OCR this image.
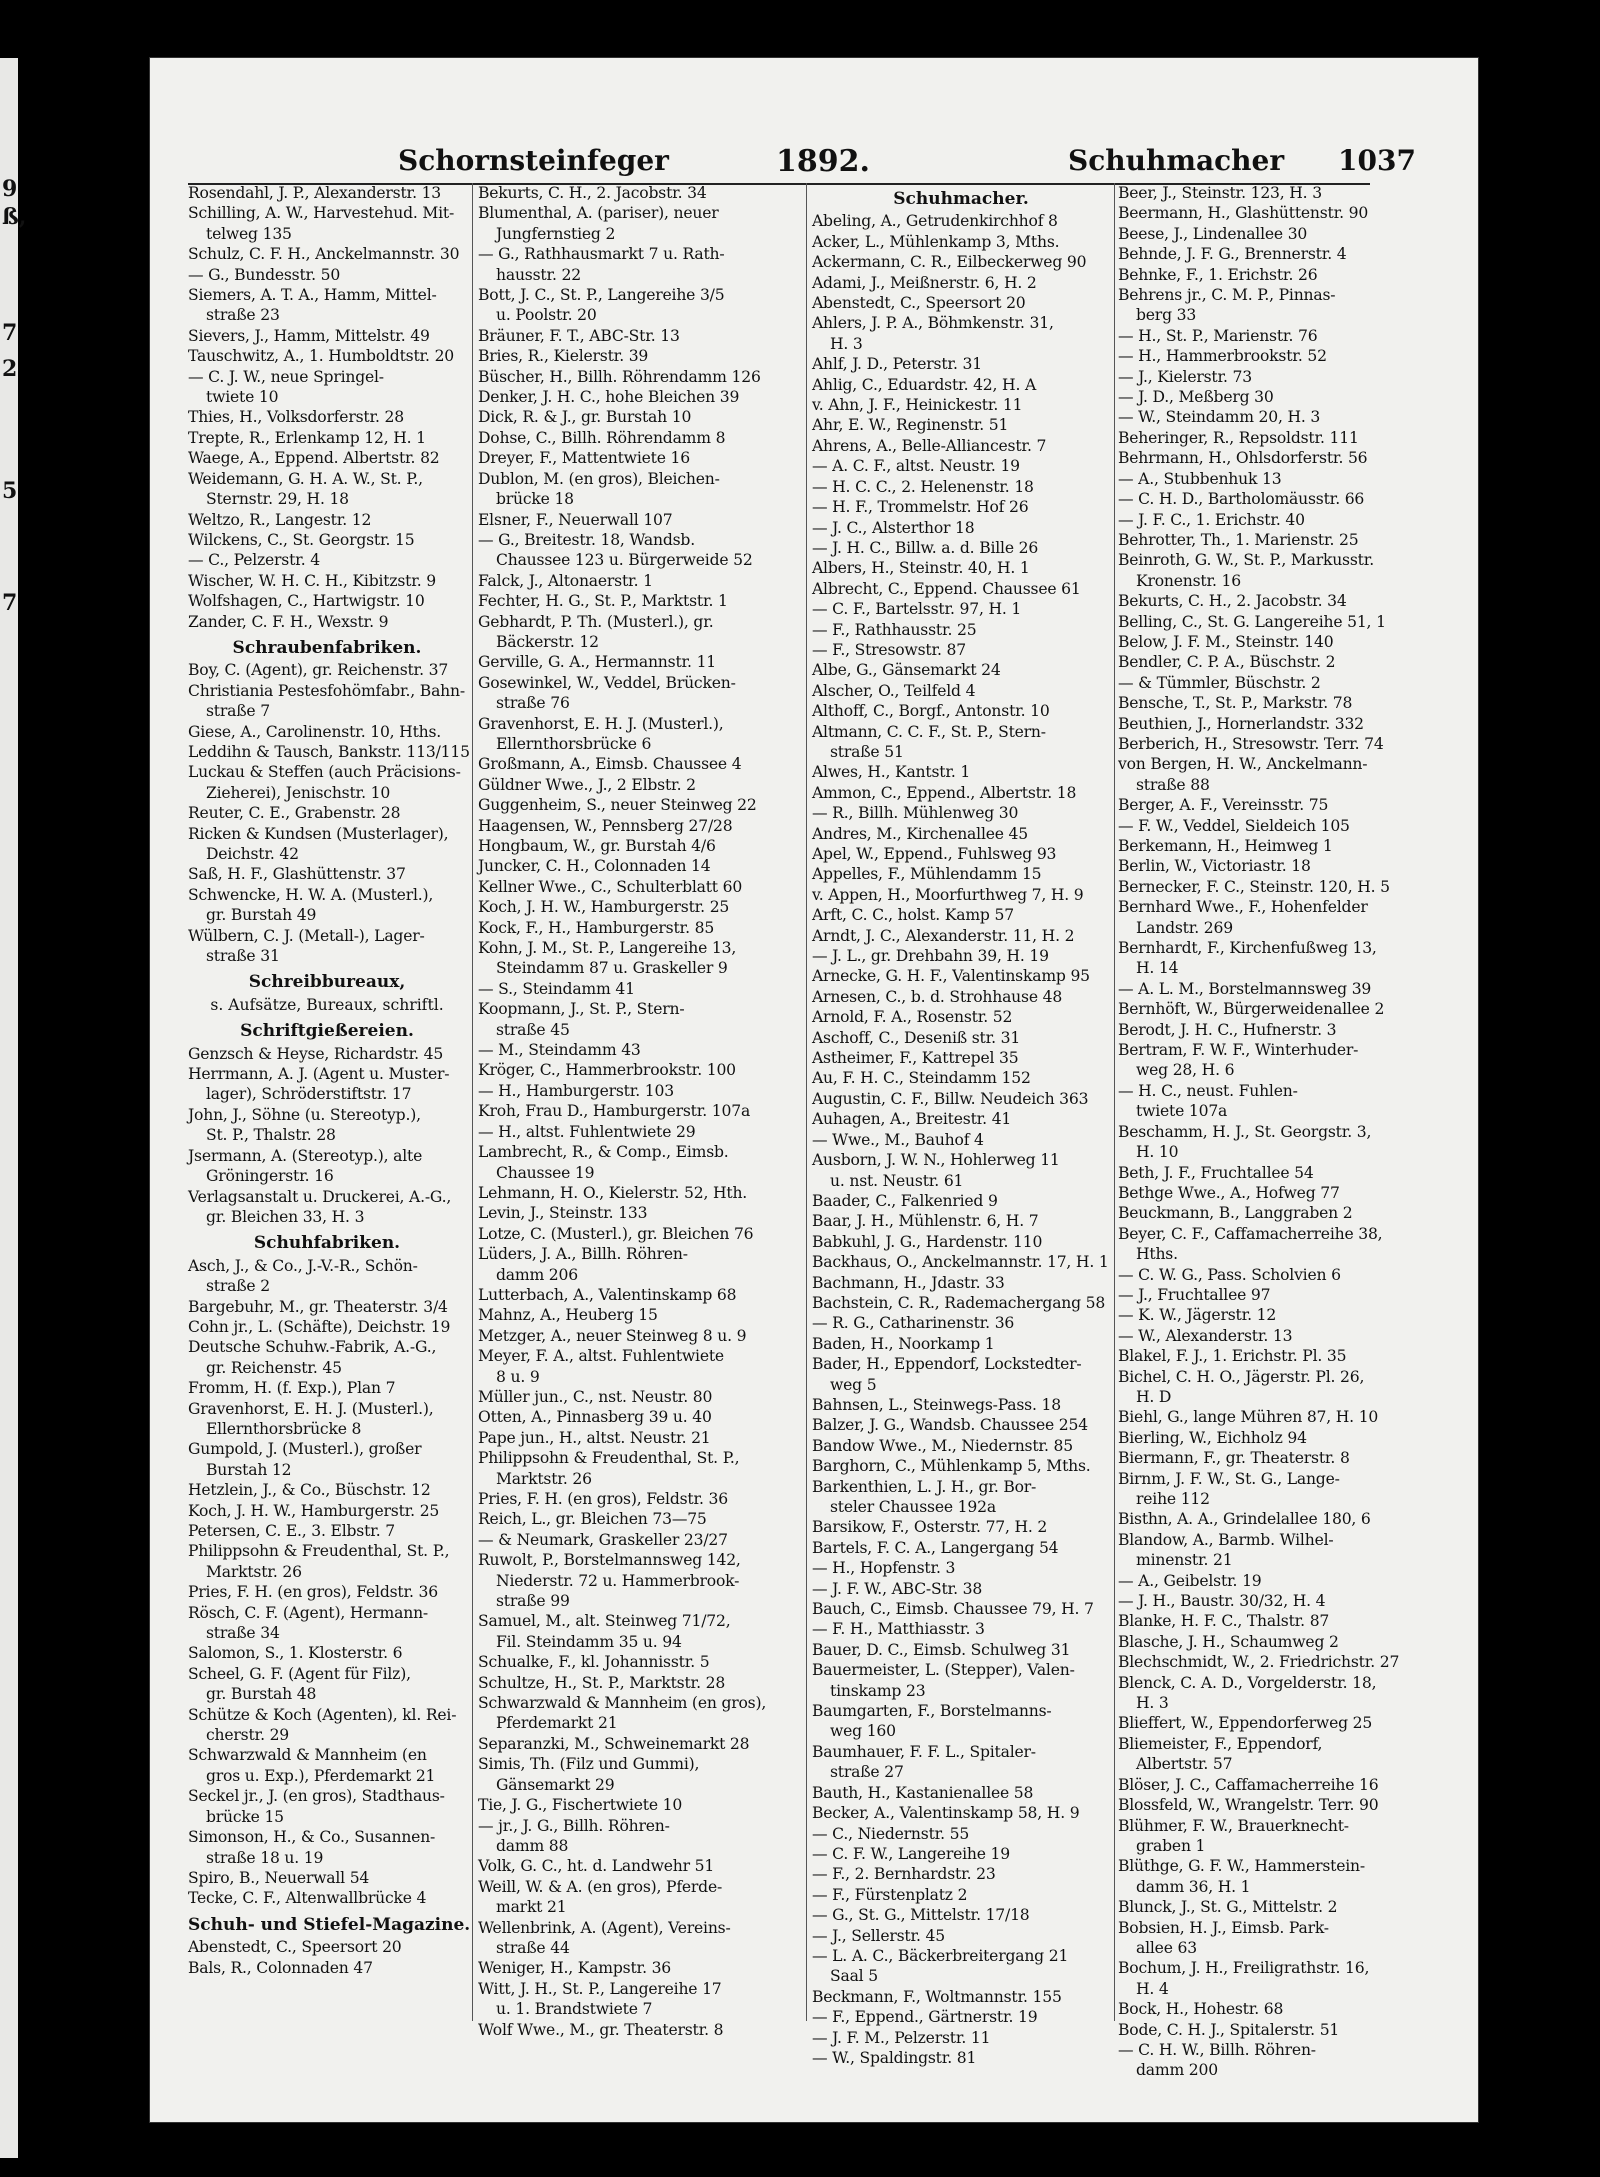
9
ß,
7
2
5
7
Schornsteinfeger	1892.	Schuhmacher 1037
Rosendahl, J. P., Alexanderstr. 13
Schilling, A. W., Harvestehud. Mit-
telweg 135
Schulz, C. F. H., Anckelmannstr. 30
— G., Bundesstr. 50
Siemers, A. T. A., Hamm, Mittel-
straße 23
Sievers, J., Hamm, Mittelstr. 49
Tauschwitz, A., 1. Humboldtstr. 20
— C. J. W., neue Springel-
twiete 10
Thies, H., Volksdorferstr. 28
Trepte, R., Erlenkamp 12, H. 1
Waege, A., Eppend. Albertstr. 82
Weidemann, G. H. A. W., St. P.,
Sternstr. 29, H. 18
Weltzo, R., Langestr. 12
Wilckens, C., St. Georgstr. 15
— C., Pelzerstr. 4
Wischer, W. H. C. H., Kibitzstr. 9
Wolfshagen, C., Hartwigstr. 10
Zander, C. F. H., Wexstr. 9
Schraubenfabriken.
Boy, C. (Agent), gr. Reichenstr. 37
Christiania Pestesfohömfabr., Bahn-
straße 7
Giese, A., Carolinenstr. 10, Hths.
Leddihn & Tausch, Bankstr. 113/115
Luckau & Steffen (auch Präcisions-
Zieherei), Jenischstr. 10
Reuter, C. E., Grabenstr. 28
Ricken & Kundsen (Musterlager),
Deichstr. 42
Saß, H. F., Glashüttenstr. 37
Schwencke, H. W. A. (Musterl.),
gr. Burstah 49
Wülbern, C. J. (Metall-), Lager-
straße 31
Schreibbureaux,
s. Aufsätze, Bureaux, schriftl.
Schriftgießereien.
Genzsch & Heyse, Richardstr. 45
Herrmann, A. J. (Agent u. Muster-
lager), Schröderstiftstr. 17
John, J., Söhne (u. Stereotyp.),
St. P., Thalstr. 28
Jsermann, A. (Stereotyp.), alte
Gröningerstr. 16
Verlagsanstalt u. Druckerei, A.-G.,
gr. Bleichen 33, H. 3
Schuhfabriken.
Asch, J., & Co., J.-V.-R., Schön-
straße 2
Bargebuhr, M., gr. Theaterstr. 3/4
Cohn jr., L. (Schäfte), Deichstr. 19
Deutsche Schuhw.-Fabrik, A.-G.,
gr. Reichenstr. 45
Fromm, H. (f. Exp.), Plan 7
Gravenhorst, E. H. J. (Musterl.),
Ellernthorsbrücke 8
Gumpold, J. (Musterl.), großer
Burstah 12
Hetzlein, J., & Co., Büschstr. 12
Koch, J. H. W., Hamburgerstr. 25
Petersen, C. E., 3. Elbstr. 7
Philippsohn & Freudenthal, St. P.,
Marktstr. 26
Pries, F. H. (en gros), Feldstr. 36
Rösch, C. F. (Agent), Hermann-
straße 34
Salomon, S., 1. Klosterstr. 6
Scheel, G. F. (Agent für Filz),
gr. Burstah 48
Schütze & Koch (Agenten), kl. Rei-
cherstr. 29
Schwarzwald & Mannheim (en
gros u. Exp.), Pferdemarkt 21
Seckel jr., J. (en gros), Stadthaus-
brücke 15
Simonson, H., & Co., Susannen-
straße 18 u. 19
Spiro, B., Neuerwall 54
Tecke, C. F., Altenwallbrücke 4
Schuh- und Stiefel-Magazine.
Abenstedt, C., Speersort 20
Bals, R., Colonnaden 47
Bekurts, C. H., 2. Jacobstr. 34
Blumenthal, A. (pariser), neuer
Jungfernstieg 2
— G., Rathhausmarkt 7 u. Rath-
hausstr. 22
Bott, J. C., St. P., Langereihe 3/5
u. Poolstr. 20
Bräuner, F. T., ABC-Str. 13
Bries, R., Kielerstr. 39
Büscher, H., Billh. Röhrendamm 126
Denker, J. H. C., hohe Bleichen 39
Dick, R. & J., gr. Burstah 10
Dohse, C., Billh. Röhrendamm 8
Dreyer, F., Mattentwiete 16
Dublon, M. (en gros), Bleichen-
brücke 18
Elsner, F., Neuerwall 107
— G., Breitestr. 18, Wandsb.
Chaussee 123 u. Bürgerweide 52
Falck, J., Altonaerstr. 1
Fechter, H. G., St. P., Marktstr. 1
Gebhardt, P. Th. (Musterl.), gr.
Bäckerstr. 12
Gerville, G. A., Hermannstr. 11
Gosewinkel, W., Veddel, Brücken-
straße 76
Gravenhorst, E. H. J. (Musterl.),
Ellernthorsbrücke 6
Großmann, A., Eimsb. Chaussee 4
Güldner Wwe., J., 2 Elbstr. 2
Guggenheim, S., neuer Steinweg 22
Haagensen, W., Pennsberg 27/28
Hongbaum, W., gr. Burstah 4/6
Juncker, C. H., Colonnaden 14
Kellner Wwe., C., Schulterblatt 60
Koch, J. H. W., Hamburgerstr. 25
Kock, F., H., Hamburgerstr. 85
Kohn, J. M., St. P., Langereihe 13,
Steindamm 87 u. Graskeller 9
— S., Steindamm 41
Koopmann, J., St. P., Stern-
straße 45
— M., Steindamm 43
Kröger, C., Hammerbrookstr. 100
— H., Hamburgerstr. 103
Kroh, Frau D., Hamburgerstr. 107a
— H., altst. Fuhlentwiete 29
Lambrecht, R., & Comp., Eimsb.
Chaussee 19
Lehmann, H. O., Kielerstr. 52, Hth.
Levin, J., Steinstr. 133
Lotze, C. (Musterl.), gr. Bleichen 76
Lüders, J. A., Billh. Röhren-
damm 206
Lutterbach, A., Valentinskamp 68
Mahnz, A., Heuberg 15
Metzger, A., neuer Steinweg 8 u. 9
Meyer, F. A., altst. Fuhlentwiete
8 u. 9
Müller jun., C., nst. Neustr. 80
Otten, A., Pinnasberg 39 u. 40
Pape jun., H., altst. Neustr. 21
Philippsohn & Freudenthal, St. P.,
Marktstr. 26
Pries, F. H. (en gros), Feldstr. 36
Reich, L., gr. Bleichen 73—75
— & Neumark, Graskeller 23/27
Ruwolt, P., Borstelmannsweg 142,
Niederstr. 72 u. Hammerbrook-
straße 99
Samuel, M., alt. Steinweg 71/72,
Fil. Steindamm 35 u. 94
Schualke, F., kl. Johannisstr. 5
Schultze, H., St. P., Marktstr. 28
Schwarzwald & Mannheim (en gros),
Pferdemarkt 21
Separanzki, M., Schweinemarkt 28
Simis, Th. (Filz und Gummi),
Gänsemarkt 29
Tie, J. G., Fischertwiete 10
— jr., J. G., Billh. Röhren-
damm 88
Volk, G. C., ht. d. Landwehr 51
Weill, W. & A. (en gros), Pferde-
markt 21
Wellenbrink, A. (Agent), Vereins-
straße 44
Weniger, H., Kampstr. 36
Witt, J. H., St. P., Langereihe 17
u. 1. Brandstwiete 7
Wolf Wwe., M., gr. Theaterstr. 8
Schuhmacher.
Abeling, A., Getrudenkirchhof 8
Acker, L., Mühlenkamp 3, Mths.
Ackermann, C. R., Eilbeckerweg 90
Adami, J., Meißnerstr. 6, H. 2
Abenstedt, C., Speersort 20
Ahlers, J. P. A., Böhmkenstr. 31,
H. 3
Ahlf, J. D., Peterstr. 31
Ahlig, C., Eduardstr. 42, H. A
v. Ahn, J. F., Heinickestr. 11
Ahr, E. W., Reginenstr. 51
Ahrens, A., Belle-Alliancestr. 7
— A. C. F., altst. Neustr. 19
— H. C. C., 2. Helenenstr. 18
— H. F., Trommelstr. Hof 26
— J. C., Alsterthor 18
— J. H. C., Billw. a. d. Bille 26
Albers, H., Steinstr. 40, H. 1
Albrecht, C., Eppend. Chaussee 61
— C. F., Bartelsstr. 97, H. 1
— F., Rathhausstr. 25
— F., Stresowstr. 87
Albe, G., Gänsemarkt 24
Alscher, O., Teilfeld 4
Althoff, C., Borgf., Antonstr. 10
Altmann, C. C. F., St. P., Stern-
straße 51
Alwes, H., Kantstr. 1
Ammon, C., Eppend., Albertstr. 18
— R., Billh. Mühlenweg 30
Andres, M., Kirchenallee 45
Apel, W., Eppend., Fuhlsweg 93
Appelles, F., Mühlendamm 15
v. Appen, H., Moorfurthweg 7, H. 9
Arft, C. C., holst. Kamp 57
Arndt, J. C., Alexanderstr. 11, H. 2
— J. L., gr. Drehbahn 39, H. 19
Arnecke, G. H. F., Valentinskamp 95
Arnesen, C., b. d. Strohhause 48
Arnold, F. A., Rosenstr. 52
Aschoff, C., Deseniß str. 31
Astheimer, F., Kattrepel 35
Au, F. H. C., Steindamm 152
Augustin, C. F., Billw. Neudeich 363
Auhagen, A., Breitestr. 41
— Wwe., M., Bauhof 4
Ausborn, J. W. N., Hohlerweg 11
u. nst. Neustr. 61
Baader, C., Falkenried 9
Baar, J. H., Mühlenstr. 6, H. 7
Babkuhl, J. G., Hardenstr. 110
Backhaus, O., Anckelmannstr. 17, H. 1
Bachmann, H., Jdastr. 33
Bachstein, C. R., Rademachergang 58
— R. G., Catharinenstr. 36
Baden, H., Noorkamp 1
Bader, H., Eppendorf, Lockstedter-
weg 5
Bahnsen, L., Steinwegs-Pass. 18
Balzer, J. G., Wandsb. Chaussee 254
Bandow Wwe., M., Niedernstr. 85
Barghorn, C., Mühlenkamp 5, Mths.
Barkenthien, L. J. H., gr. Bor-
steler Chaussee 192a
Barsikow, F., Osterstr. 77, H. 2
Bartels, F. C. A., Langergang 54
— H., Hopfenstr. 3
— J. F. W., ABC-Str. 38
Bauch, C., Eimsb. Chaussee 79, H. 7
— F. H., Matthiasstr. 3
Bauer, D. C., Eimsb. Schulweg 31
Bauermeister, L. (Stepper), Valen-
tinskamp 23
Baumgarten, F., Borstelmanns-
weg 160
Baumhauer, F. F. L., Spitaler-
straße 27
Bauth, H., Kastanienallee 58
Becker, A., Valentinskamp 58, H. 9
— C., Niedernstr. 55
— C. F. W., Langereihe 19
— F., 2. Bernhardstr. 23
— F., Fürstenplatz 2
— G., St. G., Mittelstr. 17/18
— J., Sellerstr. 45
— L. A. C., Bäckerbreitergang 21
Saal 5
Beckmann, F., Woltmannstr. 155
— F., Eppend., Gärtnerstr. 19
— J. F. M., Pelzerstr. 11
— W., Spaldingstr. 81
Beer, J., Steinstr. 123, H. 3
Beermann, H., Glashüttenstr. 90
Beese, J., Lindenallee 30
Behnde, J. F. G., Brennerstr. 4
Behnke, F., 1. Erichstr. 26
Behrens jr., C. M. P., Pinnas-
berg 33
— H., St. P., Marienstr. 76
— H., Hammerbrookstr. 52
— J., Kielerstr. 73
— J. D., Meßberg 30
— W., Steindamm 20, H. 3
Beheringer, R., Repsoldstr. 111
Behrmann, H., Ohlsdorferstr. 56
— A., Stubbenhuk 13
— C. H. D., Bartholomäusstr. 66
— J. F. C., 1. Erichstr. 40
Behrotter, Th., 1. Marienstr. 25
Beinroth, G. W., St. P., Markusstr.
Kronenstr. 16
Bekurts, C. H., 2. Jacobstr. 34
Belling, C., St. G. Langereihe 51, 1
Below, J. F. M., Steinstr. 140
Bendler, C. P. A., Büschstr. 2
— & Tümmler, Büschstr. 2
Bensche, T., St. P., Markstr. 78
Beuthien, J., Hornerlandstr. 332
Berberich, H., Stresowstr. Terr. 74
von Bergen, H. W., Anckelmann-
straße 88
Berger, A. F., Vereinsstr. 75
— F. W., Veddel, Sieldeich 105
Berkemann, H., Heimweg 1
Berlin, W., Victoriastr. 18
Bernecker, F. C., Steinstr. 120, H. 5
Bernhard Wwe., F., Hohenfelder
Landstr. 269
Bernhardt, F., Kirchenfußweg 13,
H. 14
— A. L. M., Borstelmannsweg 39
Bernhöft, W., Bürgerweidenallee 2
Berodt, J. H. C., Hufnerstr. 3
Bertram, F. W. F., Winterhuder-
weg 28, H. 6
— H. C., neust. Fuhlen-
twiete 107a
Beschamm, H. J., St. Georgstr. 3,
H. 10
Beth, J. F., Fruchtallee 54
Bethge Wwe., A., Hofweg 77
Beuckmann, B., Langgraben 2
Beyer, C. F., Caffamacherreihe 38,
Hths.
— C. W. G., Pass. Scholvien 6
— J., Fruchtallee 97
— K. W., Jägerstr. 12
— W., Alexanderstr. 13
Blakel, F. J., 1. Erichstr. Pl. 35
Bichel, C. H. O., Jägerstr. Pl. 26,
H. D
Biehl, G., lange Mühren 87, H. 10
Bierling, W., Eichholz 94
Biermann, F., gr. Theaterstr. 8
Birnm, J. F. W., St. G., Lange-
reihe 112
Bisthn, A. A., Grindelallee 180, 6
Blandow, A., Barmb. Wilhel-
minenstr. 21
— A., Geibelstr. 19
— J. H., Baustr. 30/32, H. 4
Blanke, H. F. C., Thalstr. 87
Blasche, J. H., Schaumweg 2
Blechschmidt, W., 2. Friedrichstr. 27
Blenck, C. A. D., Vorgelderstr. 18,
H. 3
Blieffert, W., Eppendorferweg 25
Bliemeister, F., Eppendorf,
Albertstr. 57
Blöser, J. C., Caffamacherreihe 16
Blossfeld, W., Wrangelstr. Terr. 90
Blühmer, F. W., Brauerknecht-
graben 1
Blüthge, G. F. W., Hammerstein-
damm 36, H. 1
Blunck, J., St. G., Mittelstr. 2
Bobsien, H. J., Eimsb. Park-
allee 63
Bochum, J. H., Freiligrathstr. 16,
H. 4
Bock, H., Hohestr. 68
Bode, C. H. J., Spitalerstr. 51
— C. H. W., Billh. Röhren-
damm 200
